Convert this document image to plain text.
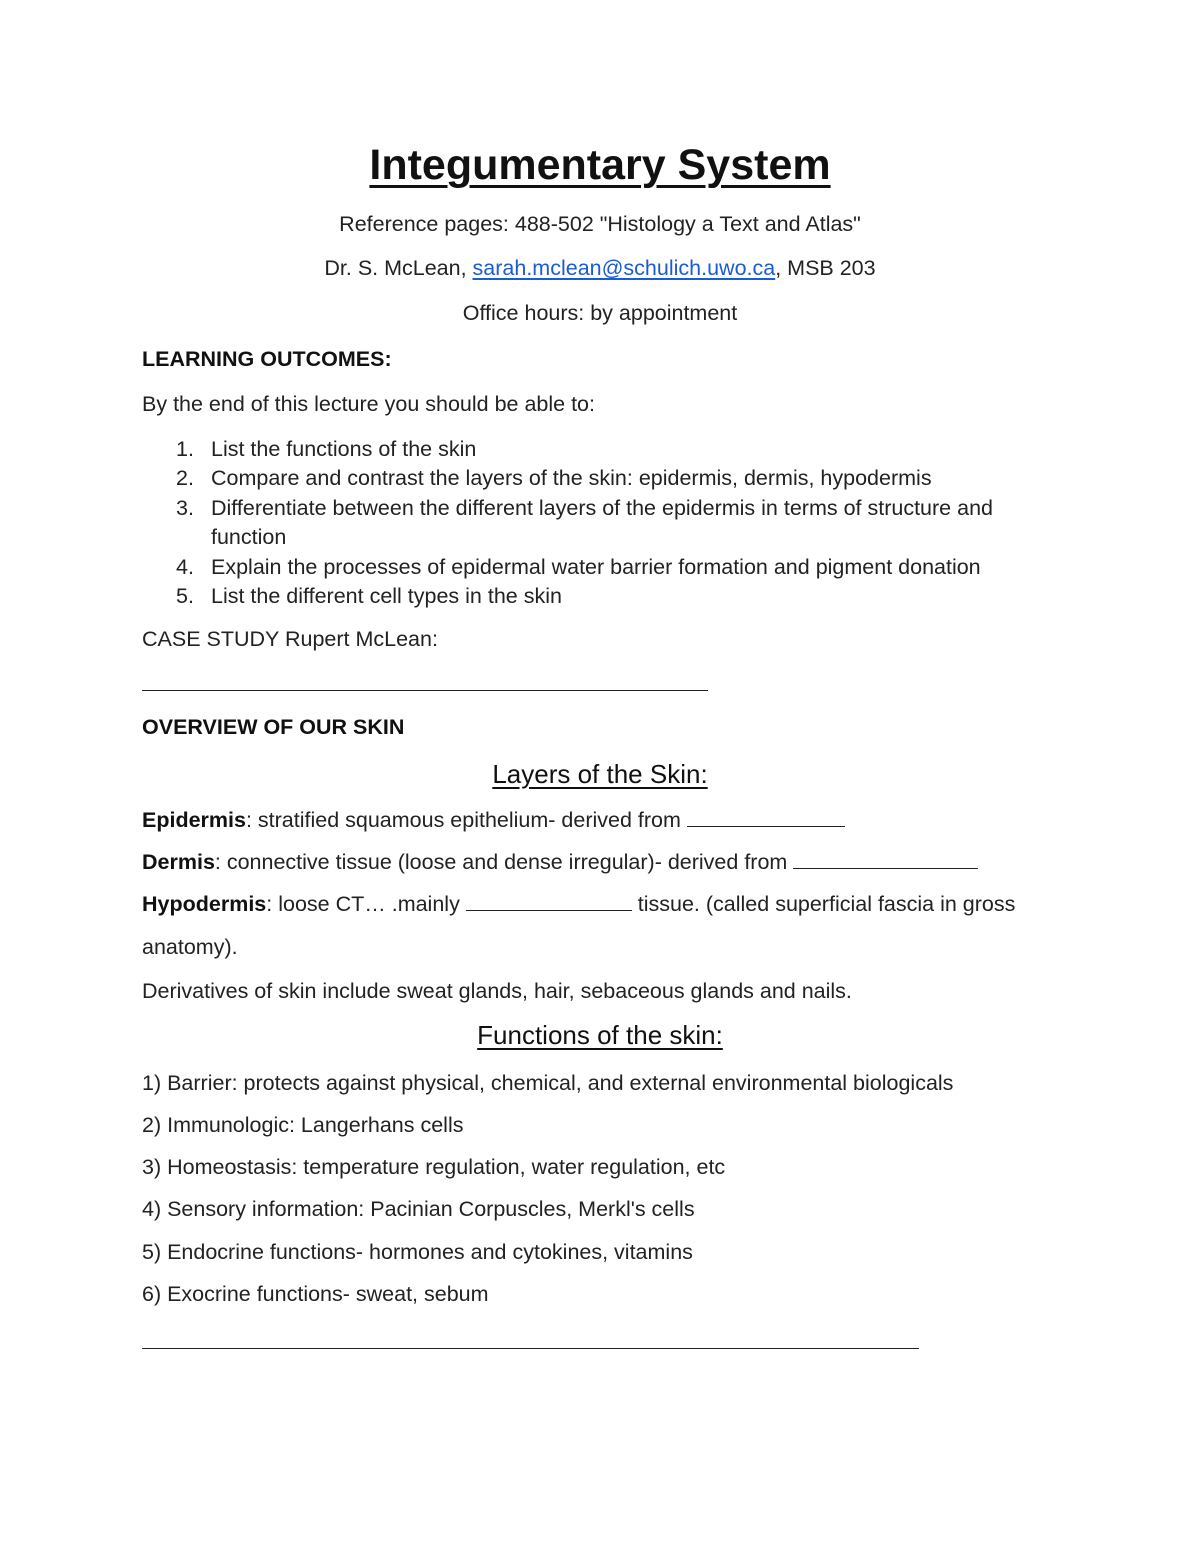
Integumentary System
Reference pages: 488-502 "Histology a Text and Atlas"
Dr. S. McLean, sarah.mclean@schulich.uwo.ca, MSB 203
Office hours: by appointment
LEARNING OUTCOMES:
By the end of this lecture you should be able to:
1. List the functions of the skin
2. Compare and contrast the layers of the skin: epidermis, dermis, hypodermis
3. Differentiate between the different layers of the epidermis in terms of structure and function
4. Explain the processes of epidermal water barrier formation and pigment donation
5. List the different cell types in the skin
CASE STUDY Rupert McLean:
OVERVIEW OF OUR SKIN
Layers of the Skin:
Epidermis: stratified squamous epithelium- derived from
Dermis: connective tissue (loose and dense irregular)- derived from
Hypodermis: loose CT… .mainly	tissue. (called superficial fascia in gross
anatomy).
Derivatives of skin include sweat glands, hair, sebaceous glands and nails.
Functions of the skin:
1) Barrier: protects against physical, chemical, and external environmental biologicals
2) Immunologic: Langerhans cells
3) Homeostasis: temperature regulation, water regulation, etc
4) Sensory information: Pacinian Corpuscles, Merkl's cells
5) Endocrine functions- hormones and cytokines, vitamins
6) Exocrine functions- sweat, sebum
